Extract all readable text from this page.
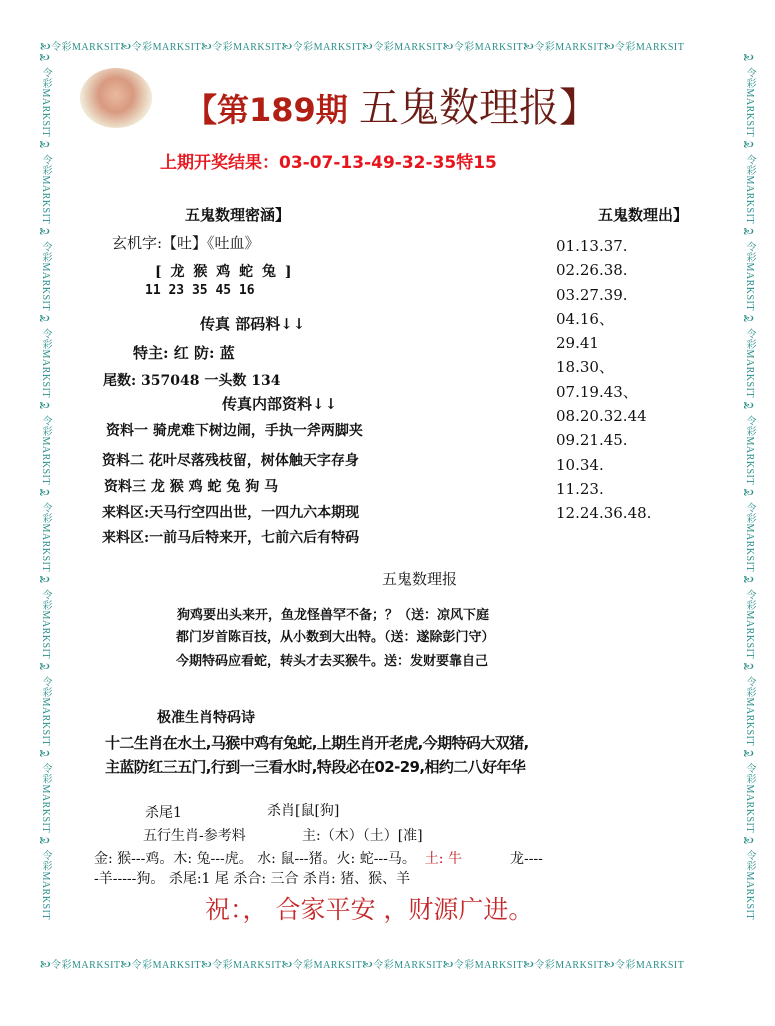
🙤令彩MARKSIT🙤令彩MARKSIT🙤令彩MARKSIT🙤令彩MARKSIT🙤令彩MARKSIT🙤令彩MARKSIT🙤令彩MARKSIT🙤令彩MARKSIT
🙤令彩MARKSIT🙤令彩MARKSIT🙤令彩MARKSIT🙤令彩MARKSIT🙤令彩MARKSIT🙤令彩MARKSIT🙤令彩MARKSIT🙤令彩MARKSIT
🙤令彩MARKSIT🙤令彩MARKSIT🙤令彩MARKSIT🙤令彩MARKSIT🙤令彩MARKSIT🙤令彩MARKSIT🙤令彩MARKSIT🙤令彩MARKSIT🙤令彩MARKSIT🙤令彩MARKSIT	🙤令彩MARKSIT🙤令彩MARKSIT🙤令彩MARKSIT🙤令彩MARKSIT🙤令彩MARKSIT🙤令彩MARKSIT🙤令彩MARKSIT🙤令彩MARKSIT🙤令彩MARKSIT🙤令彩MARKSIT
【第189期 五鬼数理报】
上期开奖结果：03-07-13-49-32-35特15
五鬼数理密涵】
玄机字:【吐】《吐血》
[ 龙 猴 鸡 蛇 兔 ]
11 23 35 45 16
传真 部码料↓↓
特主: 红 防: 蓝
尾数: 357048 一头数 134
传真内部资料↓↓
资料一 骑虎难下树边闹，手执一斧两脚夹
资料二 花叶尽落残枝留，树体触天字存身
资料三 龙 猴 鸡 蛇 兔 狗 马
来料区:天马行空四出世，一四九六本期现
来料区:一前马后特来开，七前六后有特码
五鬼数理出】
01.13.37.
02.26.38.
03.27.39.
04.16、
29.41
18.30、
07.19.43、
08.20.32.44
09.21.45.
10.34.
11.23.
12.24.36.48.
五鬼数理报
狗鸡要出头来开，鱼龙怪兽罕不备；？（送：凉风下庭
都门岁首陈百技，从小数到大出特。（送：遂除彭门守）
今期特码应看蛇，转头才去买猴牛。送：发财要靠自己
极准生肖特码诗
十二生肖在水土,马猴中鸡有兔蛇,上期生肖开老虎,今期特码大双猪,
主蓝防红三五门,行到一三看水时,特段必在02-29,相约二八好年华
杀尾1	杀肖[鼠[狗]
五行生肖-参考料	主:（木）（土）[准]
金: 猴---鸡。木: 兔---虎。 水: 鼠---猪。火: 蛇---马。 土: 牛	龙----
-羊-----狗。 杀尾:1 尾 杀合: 三合 杀肖: 猪、猴、羊
祝：， 合家平安 ，财源广进。
